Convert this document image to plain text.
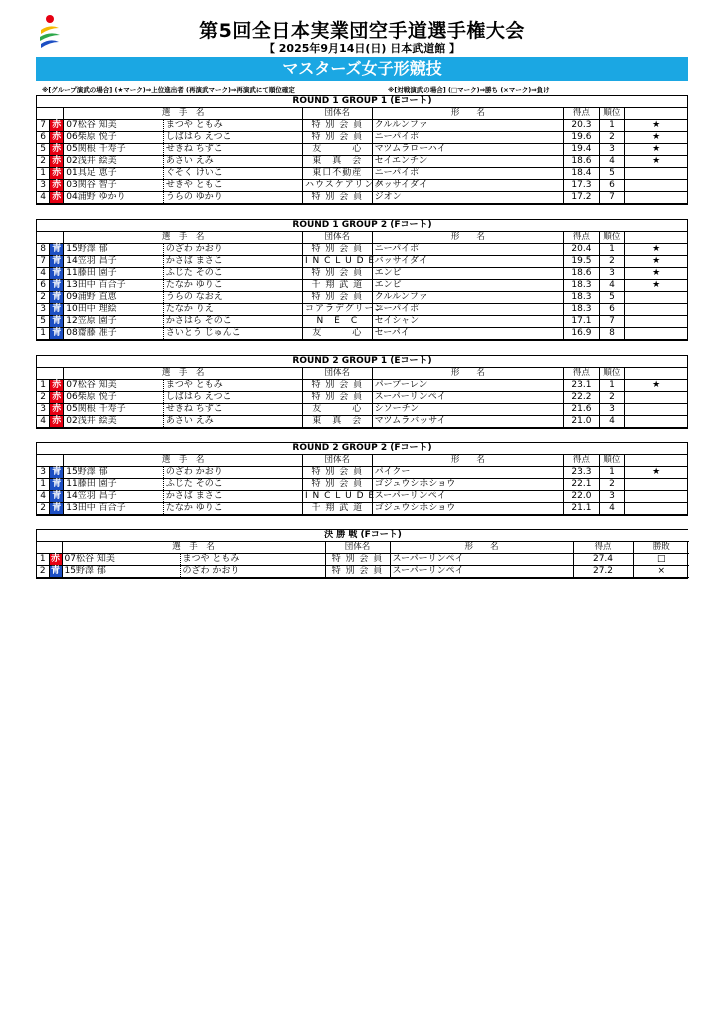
第5回全日本実業団空手道選手権大会
【 2025年9月14日(日) 日本武道館 】
マスターズ女子形競技
※[グループ演武の場合] (★マーク)⇒上位進出者 (再演武マーク)⇒再演武にて順位確定	※[対戦演武の場合] (□マーク)⇒勝ち (×マーク)⇒負け
ROUND 1 GROUP 1 (Eコート)								
		選　手　名		団体名	形　　名	得点	順位	
7	赤	07松谷 知美	まつや ともみ	特 別 会 員	クルルンファ	20.3	1	★
6	赤	06柴原 悦子	しばはら えつこ	特 別 会 員	ニーパイポ	19.6	2	★
5	赤	05関根 千寿子	せきね ちずこ	友　　　心	マツムラローハイ	19.4	3	★
2	赤	02浅井 絵美	あさい えみ	東　真　会	セイエンチン	18.6	4	★
1	赤	01具足 恵子	ぐそく けいこ	東口不動産	ニーパイポ	18.4	5	
3	赤	03関谷 智子	せきや ともこ	ハウスケアリンク	バッサイダイ	17.3	6	
4	赤	04浦野 ゆかり	うらの ゆかり	特 別 会 員	ジオン	17.2	7	
ROUND 1 GROUP 2 (Fコート)								
		選　手　名		団体名	形　　名	得点	順位	
8	青	15野澤 郁	のざわ かおり	特 別 会 員	ニーパイポ	20.4	1	★
7	青	14笠羽 昌子	かさば まさこ	I N C L U D E	バッサイダイ	19.5	2	★
4	青	11藤田 園子	ふじた そのこ	特 別 会 員	エンピ	18.6	3	★
6	青	13田中 百合子	たなか ゆりこ	千 翔 武 道	エンピ	18.3	4	★
2	青	09浦野 直恵	うらの なおえ	特 別 会 員	クルルンファ	18.3	5	
3	青	10田中 理絵	たなか りえ	コアラデグリーン	ニーパイポ	18.3	6	
5	青	12笠原 園子	かさはら そのこ	N　E　C	セイシャン	17.1	7	
1	青	08齋藤 准子	さいとう じゅんこ	友　　　心	セーパイ	16.9	8	
ROUND 2 GROUP 1 (Eコート)								
		選　手　名		団体名	形　　名	得点	順位	
1	赤	07松谷 知美	まつや ともみ	特 別 会 員	パープーレン	23.1	1	★
2	赤	06柴原 悦子	しばはら えつこ	特 別 会 員	スーパーリンペイ	22.2	2	
3	赤	05関根 千寿子	せきね ちずこ	友　　　心	シソーチン	21.6	3	
4	赤	02浅井 絵美	あさい えみ	東　真　会	マツムラバッサイ	21.0	4	
ROUND 2 GROUP 2 (Fコート)								
		選　手　名		団体名	形　　名	得点	順位	
3	青	15野澤 郁	のざわ かおり	特 別 会 員	パイクー	23.3	1	★
1	青	11藤田 園子	ふじた そのこ	特 別 会 員	ゴジュウシホショウ	22.1	2	
4	青	14笠羽 昌子	かさば まさこ	I N C L U D E	スーパーリンペイ	22.0	3	
2	青	13田中 百合子	たなか ゆりこ	千 翔 武 道	ゴジュウシホショウ	21.1	4	
決 勝 戦 (Fコート)							
		選　手　名		団体名	形　　名	得点	勝敗
1	赤	07松谷 知美	まつや ともみ	特 別 会 員	スーパーリンペイ	27.4	□
2	青	15野澤 郁	のざわ かおり	特 別 会 員	スーパーリンペイ	27.2	×
